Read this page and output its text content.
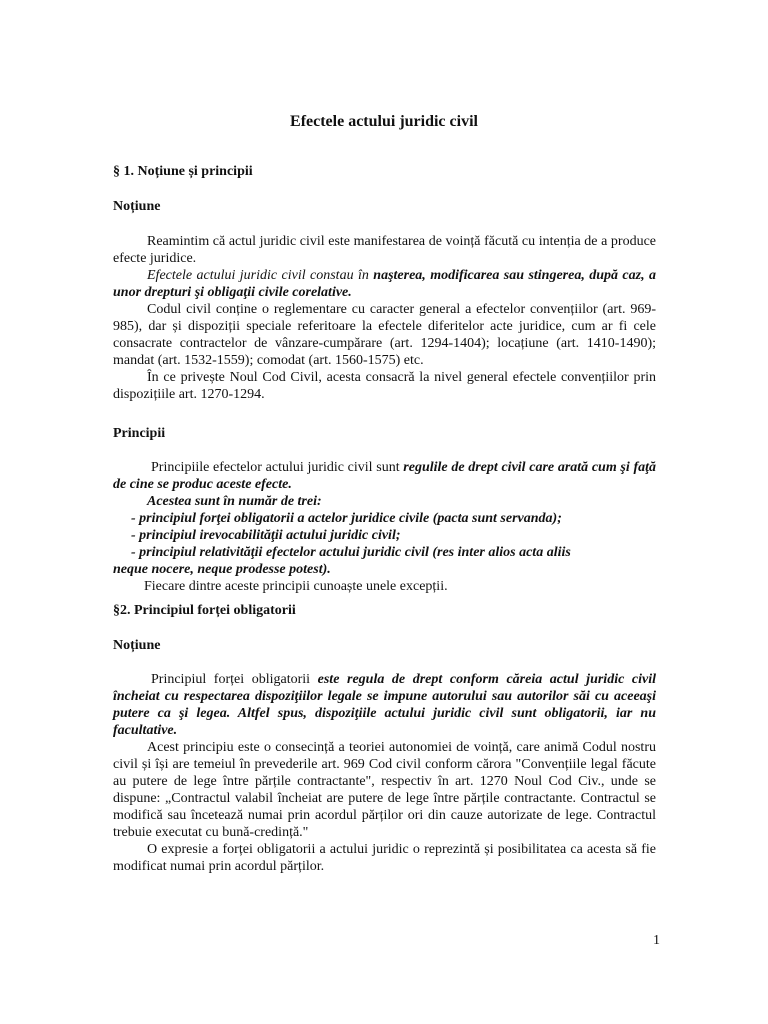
Efectele actului juridic civil
§ 1. Noțiune și principii
Noțiune

Reamintim că actul juridic civil este manifestarea de voință făcută cu intenția de a produce efecte juridice.

Efectele actului juridic civil constau în naşterea, modificarea sau stingerea, după caz, a unor drepturi şi obligaţii civile corelative.

Codul civil conține o reglementare cu caracter general a efectelor convențiilor (art. 969-985), dar și dispoziții speciale referitoare la efectele diferitelor acte juridice, cum ar fi cele consacrate contractelor de vânzare-cumpărare (art. 1294-1404); locațiune (art. 1410-1490); mandat (art. 1532-1559); comodat (art. 1560-1575) etc.

În ce privește Noul Cod Civil, acesta consacră la nivel general efectele convențiilor prin dispozițiile art. 1270-1294.

Principii

Principiile efectelor actului juridic civil sunt regulile de drept civil care arată cum şi faţă de cine se produc aceste efecte.

Acestea sunt în număr de trei:

- principiul forţei obligatorii a actelor juridice civile (pacta sunt servanda);

- principiul irevocabilităţii actului juridic civil;

- principiul relativităţii efectelor actului juridic civil (res inter alios acta aliis

neque nocere, neque prodesse potest).

Fiecare dintre aceste principii cunoaște unele excepții.

§2. Principiul forței obligatorii
Noțiune

Principiul forței obligatorii este regula de drept conform căreia actul juridic civil încheiat cu respectarea dispoziţiilor legale se impune autorului sau autorilor săi cu aceeaşi putere ca şi legea. Altfel spus, dispoziţiile actului juridic civil sunt obligatorii, iar nu facultative.

Acest principiu este o consecință a teoriei autonomiei de voință, care animă Codul nostru civil și își are temeiul în prevederile art. 969 Cod civil conform cărora "Convențiile legal făcute au putere de lege între părțile contractante", respectiv în art. 1270 Noul Cod Civ., unde se dispune: „Contractul valabil încheiat are putere de lege între părțile contractante. Contractul se modifică sau încetează numai prin acordul părților ori din cauze autorizate de lege. Contractul trebuie executat cu bună-credință."

O expresie a forței obligatorii a actului juridic o reprezintă și posibilitatea ca acesta să fie modificat numai prin acordul părților.

1
